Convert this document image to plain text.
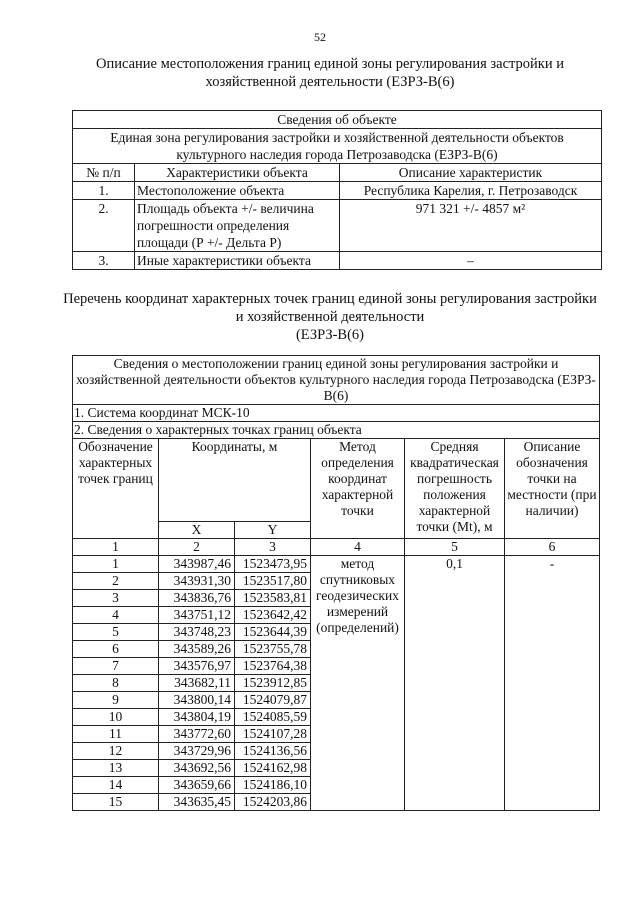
52
Описание местоположения границ единой зоны регулирования застройки и хозяйственной деятельности (ЕЗРЗ-В(6)
Сведения об объекте		
Единая зона регулирования застройки и хозяйственной деятельности объектов культурного наследия города Петрозаводска (ЕЗРЗ-В(6)		
№ п/п	Характеристики объекта	Описание характеристик
1.	Местоположение объекта	Республика Карелия, г. Петрозаводск
2.	Площадь объекта +/- величина погрешности определения площади (Р +/- Дельта Р)	971 321 +/- 4857 м²
3.	Иные характеристики объекта	–
Перечень координат характерных точек границ единой зоны регулирования застройки и хозяйственной деятельности
(ЕЗРЗ-В(6)
Сведения о местоположении границ единой зоны регулирования застройки и хозяйственной деятельности объектов культурного наследия города Петрозаводска (ЕЗРЗ-В(6)					
1. Система координат МСК-10					
2. Сведения о характерных точках границ объекта					
Обозначение характерных точек границ	Координаты, м		Метод определения координат характерной точки	Средняя квадратическая погрешность положения характерной точки (Mt), м	Описание обозначения точки на местности (при наличии)
	X	Y			
1	2	3	4	5	6
1	343987,46	1523473,95	метод спутниковых геодезических измерений (определений)	0,1	-
2	343931,30	1523517,80			
3	343836,76	1523583,81			
4	343751,12	1523642,42			
5	343748,23	1523644,39			
6	343589,26	1523755,78			
7	343576,97	1523764,38			
8	343682,11	1523912,85			
9	343800,14	1524079,87			
10	343804,19	1524085,59			
11	343772,60	1524107,28			
12	343729,96	1524136,56			
13	343692,56	1524162,98			
14	343659,66	1524186,10			
15	343635,45	1524203,86			
